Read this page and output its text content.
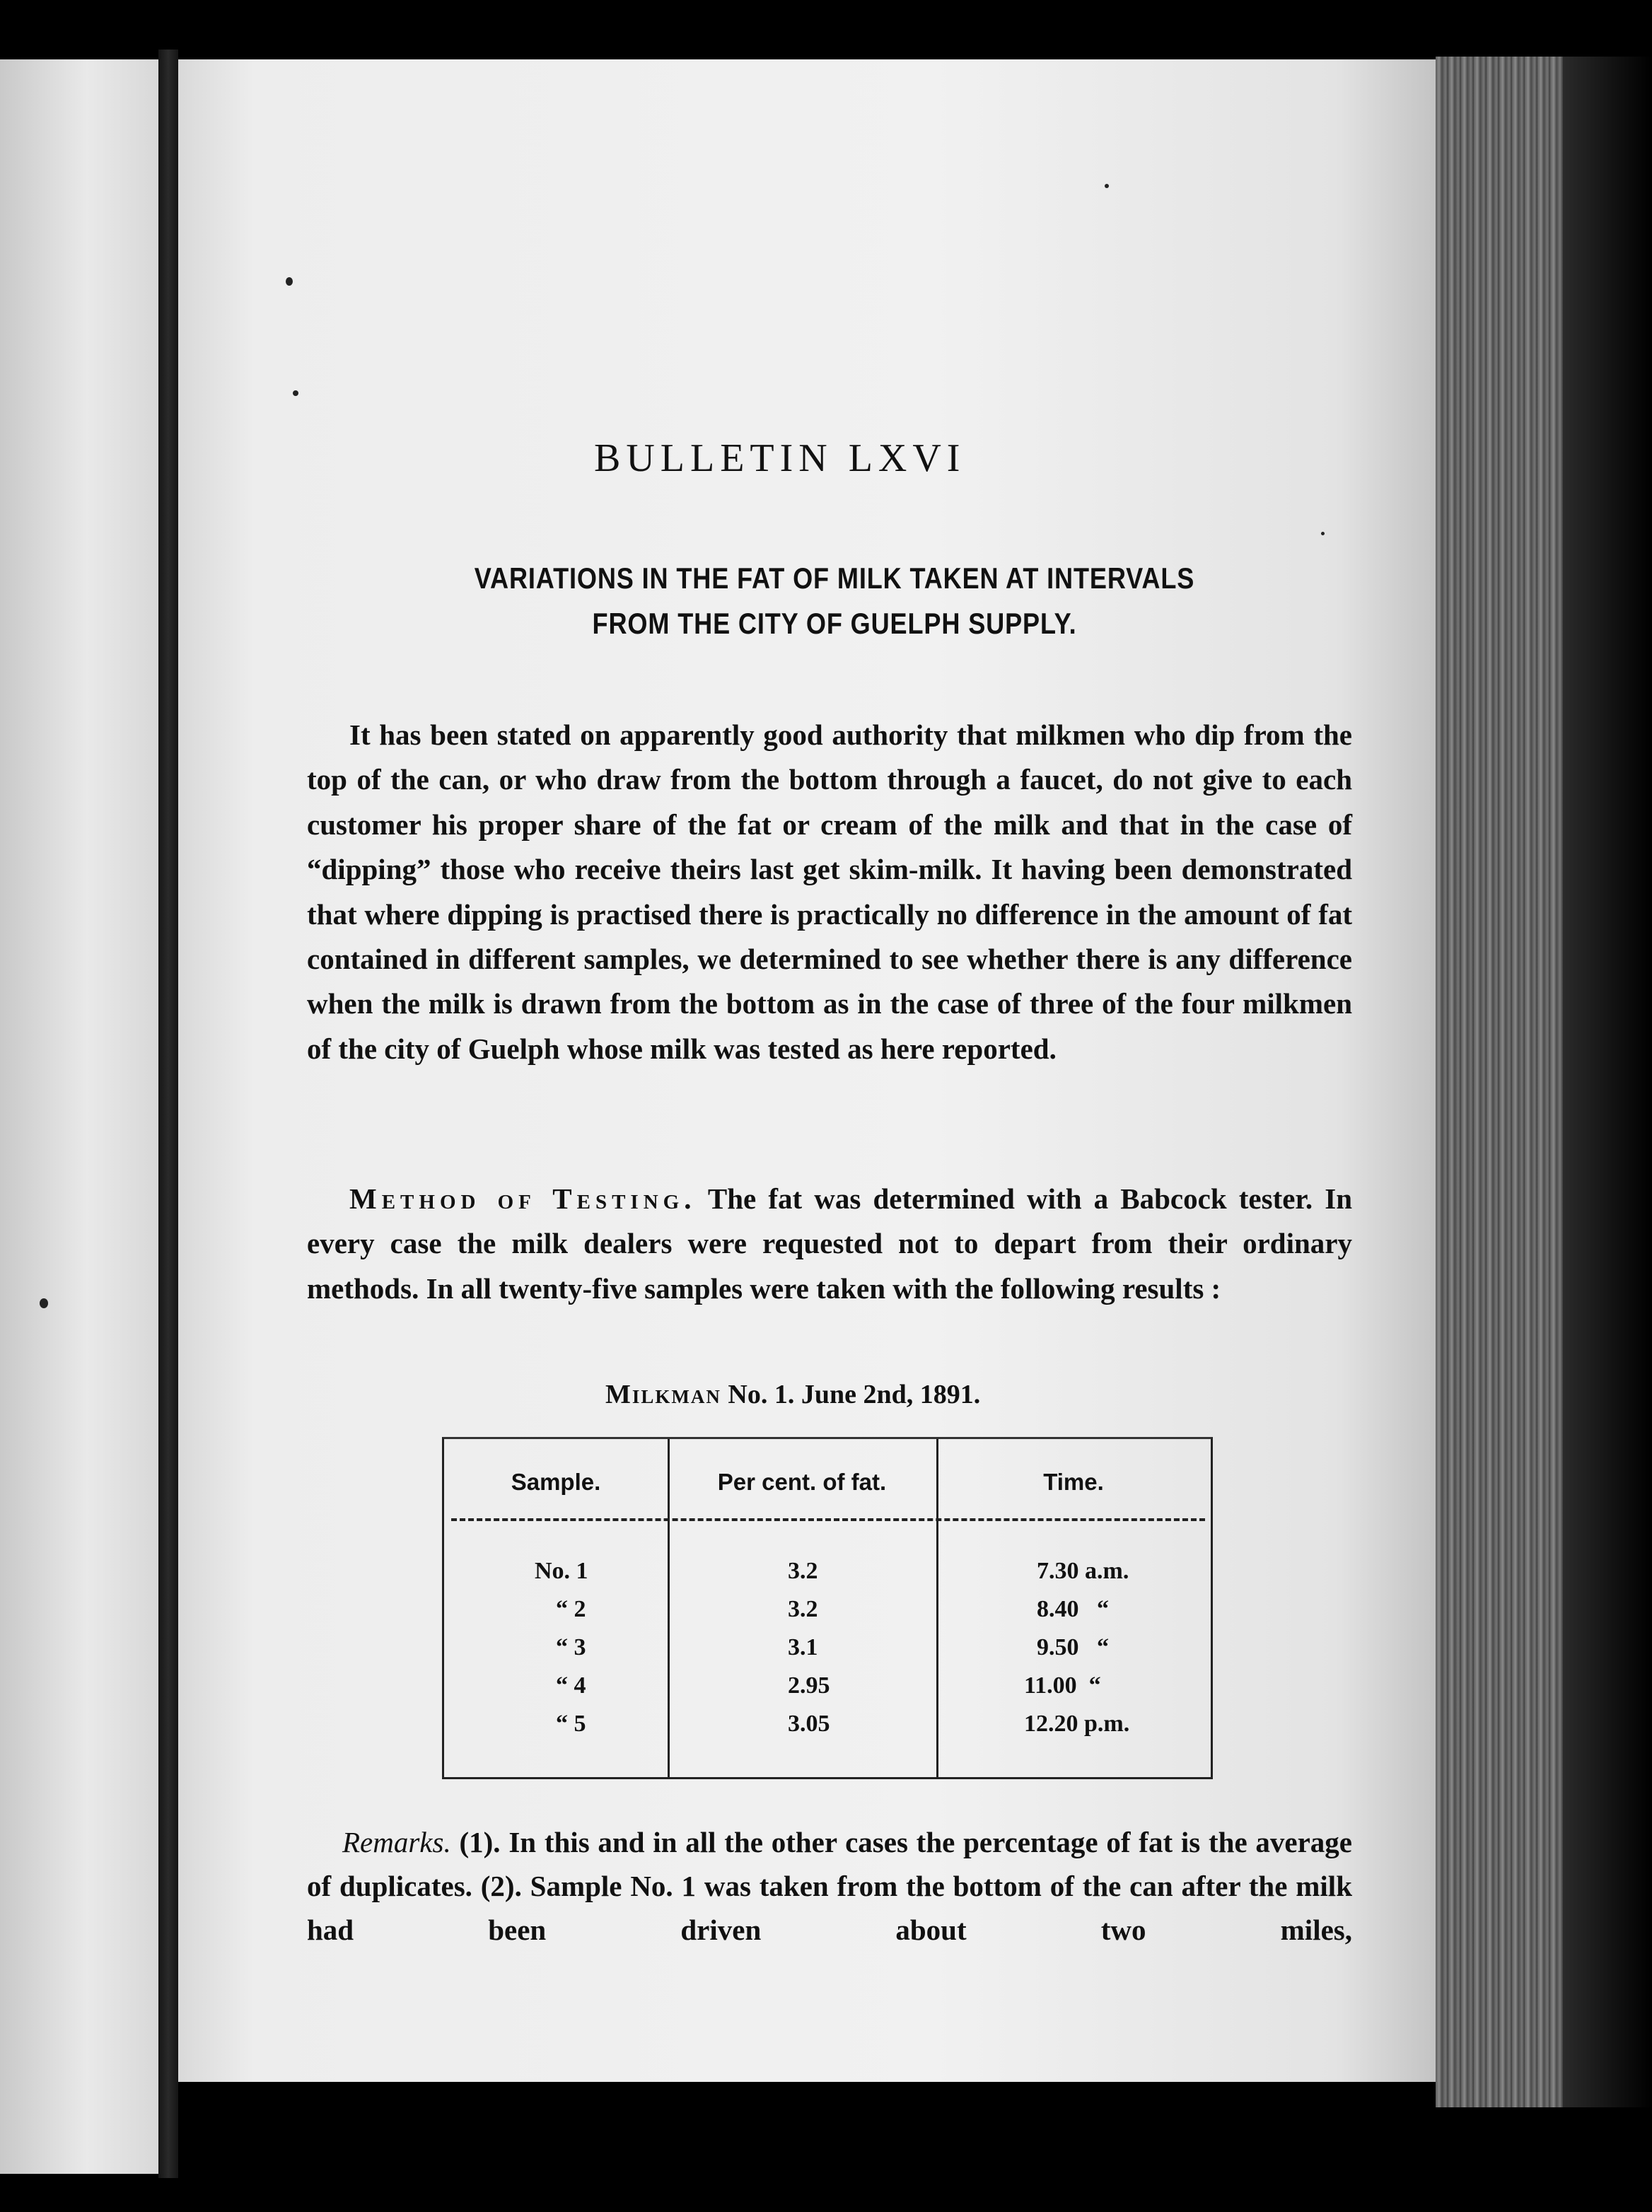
BULLETIN LXVI
VARIATIONS IN THE FAT OF MILK TAKEN AT INTERVALS
FROM THE CITY OF GUELPH SUPPLY.
It has been stated on apparently good authority that milkmen who dip from the top of the can, or who draw from the bottom through a faucet, do not give to each customer his proper share of the fat or cream of the milk and that in the case of “dipping” those who receive theirs last get skim-milk. It having been demonstrated that where dipping is practised there is practically no difference in the amount of fat contained in different samples, we determined to see whether there is any difference when the milk is drawn from the bottom as in the case of three of the four milkmen of the city of Guelph whose milk was tested as here reported.
Method of Testing. The fat was determined with a Babcock tester. In every case the milk dealers were requested not to depart from their ordinary methods. In all twenty-five samples were taken with the following results :
Milkman No. 1. June 2nd, 1891.
Sample.	Per cent. of fat.	Time.
No. 1	3.2	7.30 a.m.
“ 2	3.2	8.40   “
“ 3	3.1	9.50   “
“ 4	2.95	11.00  “
“ 5	3.05	12.20 p.m.
Remarks. (1). In this and in all the other cases the percentage of fat is the average of duplicates. (2). Sample No. 1 was taken from the bottom of the can after the milk had been driven about two miles,
